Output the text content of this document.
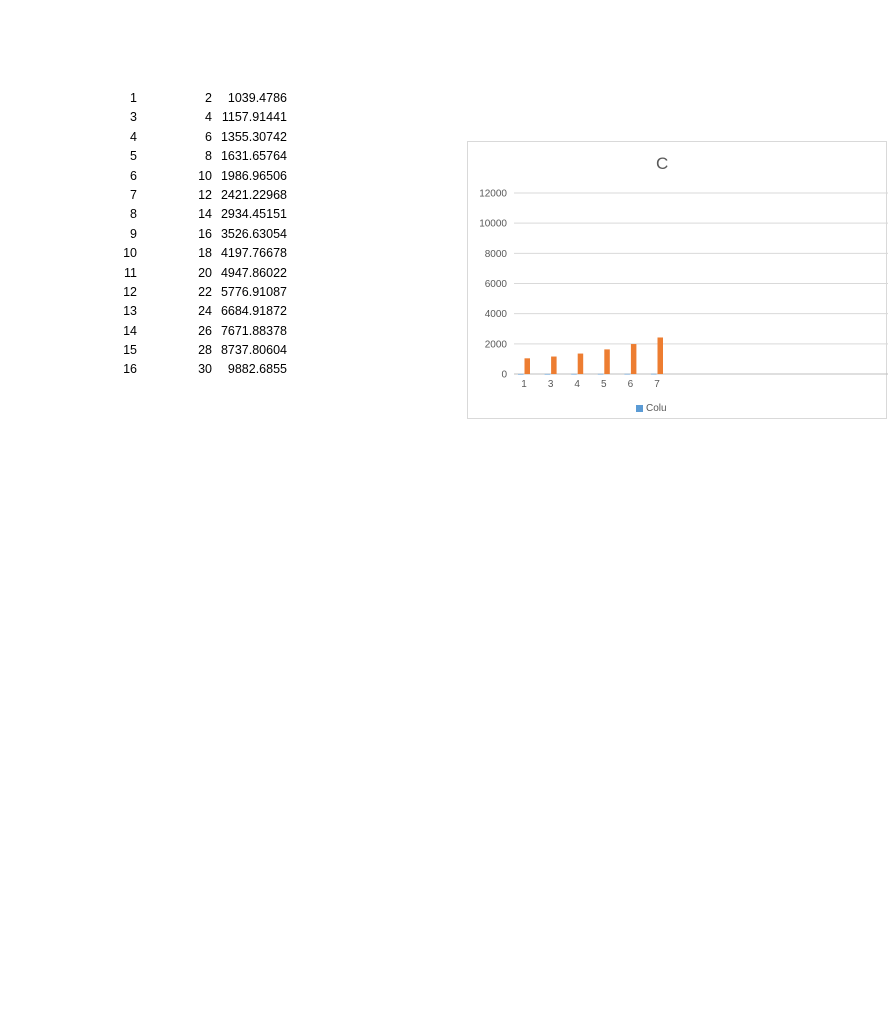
1	2	1039.4786
3	4 1157.91441
4	6 1355.30742
5	8 1631.65764
6	10 1986.96506
7	12 2421.22968
8	14 2934.45151
9	16 3526.63054
10	18 4197.76678
11	20 4947.86022
12	22 5776.91087
13	24 6684.91872
14	26 7671.88378
15	28 8737.80604
16	30	9882.6855
C
0
2000
4000
6000
8000
10000
12000
1 3 4 5 6 7
Colu
